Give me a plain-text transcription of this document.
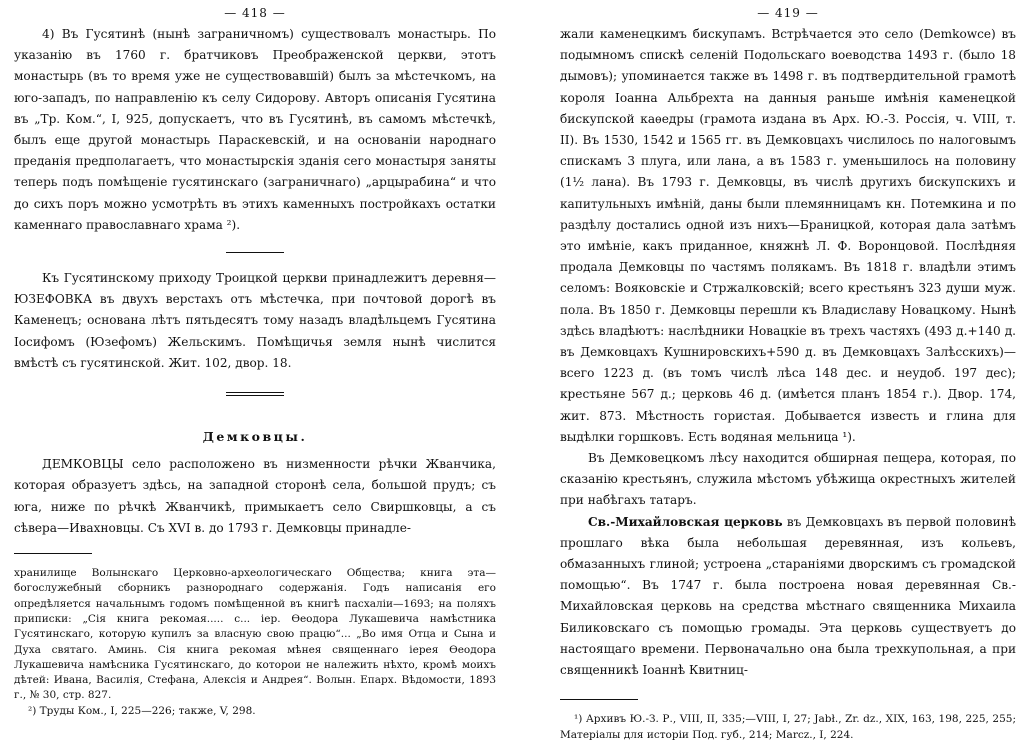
— 418 —

4) Въ Гусятинѣ (нынѣ заграничномъ) существовалъ монастырь. По указанію въ 1760 г. братчиковъ Преображенской церкви, этотъ монастырь (въ то время уже не существовавшій) былъ за мѣстечкомъ, на юго-западъ, по направленію къ селу Сидорову. Авторъ описанія Гусятина въ „Тр. Ком.“, І, 925, допускаетъ, что въ Гусятинѣ, въ самомъ мѣстечкѣ, былъ еще другой монастырь Параскевскій, и на основаніи народнаго преданія предполагаетъ, что монастырскія зданія сего монастыря заняты теперь подъ помѣщеніе гусятинскаго (заграничнаго) „арцырабина“ и что до сихъ поръ можно усмотрѣть въ этихъ каменныхъ постройкахъ остатки каменнаго православнаго храма ²).

Къ Гусятинскому приходу Троицкой церкви принадлежитъ деревня— ЮЗЕФОВКА въ двухъ верстахъ отъ мѣстечка, при почтовой дорогѣ въ Каменецъ; основана лѣтъ пятьдесятъ тому назадъ владѣльцемъ Гусятина Іосифомъ (Юзефомъ) Жельскимъ. Помѣщичья земля нынѣ числится вмѣстѣ съ гусятинской. Жит. 102, двор. 18.

Демковцы.

ДЕМКОВЦЫ село расположено въ низменности рѣчки Жванчика, которая образуетъ здѣсь, на западной сторонѣ села, большой прудъ; съ юга, ниже по рѣчкѣ Жванчикѣ, примыкаетъ село Свиршковцы, а съ сѣвера—Ивахновцы. Съ XVI в. до 1793 г. Демковцы принадле-

хранилище Волынскаго Церковно-археологическаго Общества; книга эта—богослужебный сборникъ разнороднаго содержанія. Годъ написанія его опредѣляется начальнымъ годомъ помѣщенной въ книгѣ пасхаліи—1693; на поляхъ приписки: „Сія книга рекомая..... с... іер. Ѳеодора Лукашевича намѣстника Гусятинскаго, которую купилъ за власную свою працю“... „Во имя Отца и Сына и Духа святаго. Аминь. Сія книга рекомая мѣнея священнаго іерея Ѳеодора Лукашевича намѣсника Гусятинскаго, до которои не належить нѣхто, кромѣ моихъ дѣтей: Ивана, Василія, Стефана, Алексія и Андрея“. Волын. Епарх. Вѣдомости, 1893 г., № 30, стр. 827.

²) Труды Ком., І, 225—226; также, V, 298.

— 419 —

жали каменецкимъ бискупамъ. Встрѣчается это село (Demkowce) въ подымномъ спискѣ селеній Подольскаго воеводства 1493 г. (было 18 дымовъ); упоминается также въ 1498 г. въ подтвердительной грамотѣ короля Іоанна Альбрехта на данныя раньше имѣнія каменецкой бискупской каѳедры (грамота издана въ Арх. Ю.-З. Россія, ч. VIII, т. II). Въ 1530, 1542 и 1565 гг. въ Демковцахъ числилось по налоговымъ спискамъ 3 плуга, или лана, а въ 1583 г. уменьшилось на половину (1½ лана). Въ 1793 г. Демковцы, въ числѣ другихъ бискупскихъ и капитульныхъ имѣній, даны были племянницамъ кн. Потемкина и по раздѣлу достались одной изъ нихъ—Браницкой, которая дала затѣмъ это имѣніе, какъ приданное, княжнѣ Л. Ф. Воронцовой. Послѣдняя продала Демковцы по частямъ полякамъ. Въ 1818 г. владѣли этимъ селомъ: Вояковскіе и Стржалковскій; всего крестьянъ 323 души муж. пола. Въ 1850 г. Демковцы перешли къ Владиславу Новацкому. Нынѣ здѣсь владѣютъ: наслѣдники Новацкіе въ трехъ частяхъ (493 д.+140 д. въ Демковцахъ Кушнировскихъ+590 д. въ Демковцахъ Залѣсскихъ)—всего 1223 д. (въ томъ числѣ лѣса 148 дес. и неудоб. 197 дес); крестьяне 567 д.; церковь 46 д. (имѣется планъ 1854 г.). Двор. 174, жит. 873. Мѣстность гористая. Добывается известь и глина для выдѣлки горшковъ. Есть водяная мельница ¹).

Въ Демковецкомъ лѣсу находится обширная пещера, которая, по сказанію крестьянъ, служила мѣстомъ убѣжища окрестныхъ жителей при набѣгахъ татаръ.

Св.-Михайловская церковь въ Демковцахъ въ первой половинѣ прошлаго вѣка была небольшая деревянная, изъ кольевъ, обмазанныхъ глиной; устроена „стараніями дворскимъ съ громадской помощью“. Въ 1747 г. была построена новая деревянная Св.-Михайловская церковь на средства мѣстнаго священника Михаила Биликовскаго съ помощью громады. Эта церковь существуетъ до настоящаго времени. Первоначально она была трехкупольная, а при священникѣ Іоаннѣ Квитниц-

¹) Архивъ Ю.-З. Р., VIII, II, 335;—VIII, I, 27; Jabł., Zr. dz., XIX, 163, 198, 225, 255; Матеріалы для исторіи Под. губ., 214; Marcz., I, 224.
